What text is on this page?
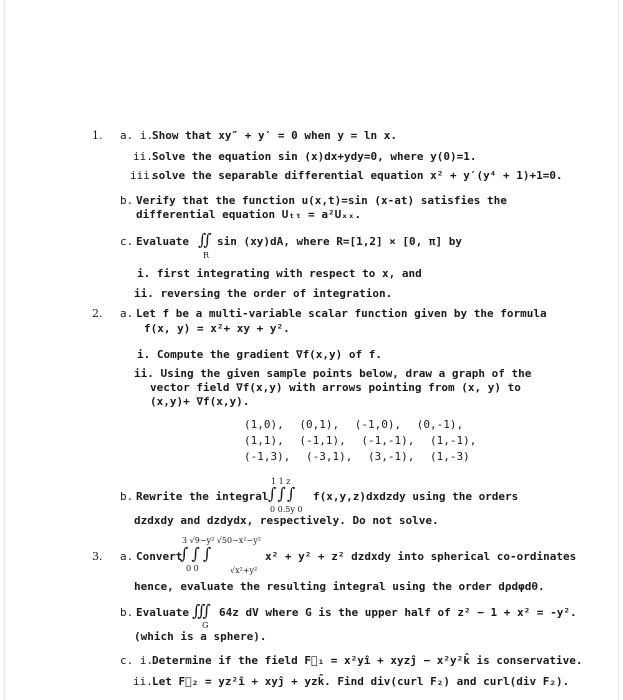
1. a. i.
Show that xy″ + y′ = 0 when y = ln x.
ii. Solve the equation sin (x)dx+ydy=0, where y(0)=1.
iii.
solve the separable differential equation x² + y′(y⁴ + 1)+1=0.
b. Verify that the function u(x,t)=sin (x-at) satisfies the
differential equation Uₜₜ = a²Uₓₓ.
c. Evaluate ∬
R
sin (xy)dA, where R=[1,2] × [0, π] by
i. first integrating with respect to x, and
ii. reversing the order of integration.
2. a. Let f be a multi-variable scalar function given by the formula
f(x, y) = x²+ xy + y².
i. Compute the gradient ∇f(x,y) of f.
ii. Using the given sample points below, draw a graph of the
vector field ∇f(x,y) with arrows pointing from (x, y) to
(x,y)+ ∇f(x,y).
(1,0), (0,1), (-1,0), (0,-1),
(1,1), (-1,1), (-1,-1), (1,-1),
(-1,3), (-3,1), (3,-1), (1,-3)
b. Rewrite the integral
1 1 z
∫ ∫ ∫
0 0.5y 0
f(x,y,z)dxdzdy using the orders
dzdxdy and dzdydx, respectively. Do not solve.
3. a. Convert
3 √9−y² √50−x²−y²
∫ ∫ ∫
0 0	√x²+y²
x² + y² + z² dzdxdy into spherical co-ordinates
hence, evaluate the resulting integral using the order dρdφdθ.
b. Evaluate ∭
G
64z dV where G is the upper half of z² − 1 + x² = -y².
(which is a sphere).
c. i.
Determine if the field F⃗₁ = x²yî + xyzĵ − x²y²k̂ is conservative.
ii. Let F⃗₂ = yz²î + xyĵ + yzk̂. Find div(curl F₂) and curl(div F₂).
